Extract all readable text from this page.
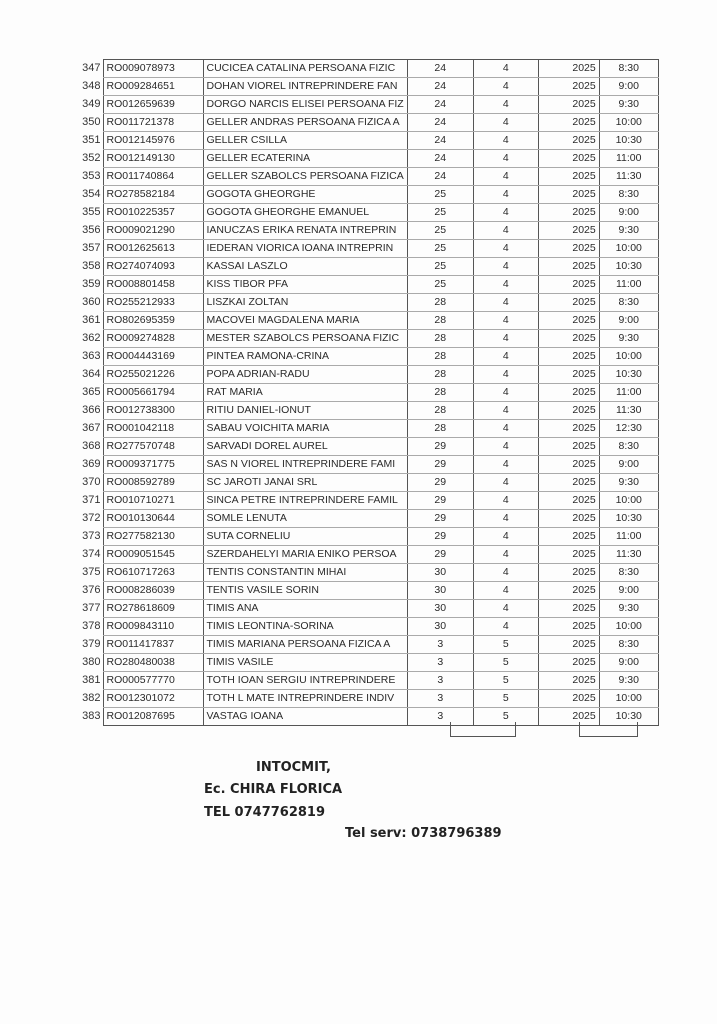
347	RO009078973	CUCICEA CATALINA PERSOANA FIZIC	24	4	2025	8:30
348	RO009284651	DOHAN VIOREL INTREPRINDERE FAN	24	4	2025	9:00
349	RO012659639	DORGO NARCIS ELISEI PERSOANA FIZ	24	4	2025	9:30
350	RO011721378	GELLER ANDRAS PERSOANA FIZICA A	24	4	2025	10:00
351	RO012145976	GELLER CSILLA	24	4	2025	10:30
352	RO012149130	GELLER ECATERINA	24	4	2025	11:00
353	RO011740864	GELLER SZABOLCS PERSOANA FIZICA	24	4	2025	11:30
354	RO278582184	GOGOTA GHEORGHE	25	4	2025	8:30
355	RO010225357	GOGOTA GHEORGHE EMANUEL	25	4	2025	9:00
356	RO009021290	IANUCZAS ERIKA RENATA INTREPRIN	25	4	2025	9:30
357	RO012625613	IEDERAN VIORICA IOANA INTREPRIN	25	4	2025	10:00
358	RO274074093	KASSAI LASZLO	25	4	2025	10:30
359	RO008801458	KISS TIBOR PFA	25	4	2025	11:00
360	RO255212933	LISZKAI ZOLTAN	28	4	2025	8:30
361	RO802695359	MACOVEI MAGDALENA MARIA	28	4	2025	9:00
362	RO009274828	MESTER SZABOLCS PERSOANA FIZIC	28	4	2025	9:30
363	RO004443169	PINTEA RAMONA-CRINA	28	4	2025	10:00
364	RO255021226	POPA ADRIAN-RADU	28	4	2025	10:30
365	RO005661794	RAT MARIA	28	4	2025	11:00
366	RO012738300	RITIU DANIEL-IONUT	28	4	2025	11:30
367	RO001042118	SABAU VOICHITA MARIA	28	4	2025	12:30
368	RO277570748	SARVADI DOREL AUREL	29	4	2025	8:30
369	RO009371775	SAS N VIOREL INTREPRINDERE FAMI	29	4	2025	9:00
370	RO008592789	SC JAROTI JANAI SRL	29	4	2025	9:30
371	RO010710271	SINCA PETRE INTREPRINDERE FAMIL	29	4	2025	10:00
372	RO010130644	SOMLE LENUTA	29	4	2025	10:30
373	RO277582130	SUTA CORNELIU	29	4	2025	11:00
374	RO009051545	SZERDAHELYI MARIA ENIKO PERSOA	29	4	2025	11:30
375	RO610717263	TENTIS CONSTANTIN MIHAI	30	4	2025	8:30
376	RO008286039	TENTIS VASILE SORIN	30	4	2025	9:00
377	RO278618609	TIMIS ANA	30	4	2025	9:30
378	RO009843110	TIMIS LEONTINA-SORINA	30	4	2025	10:00
379	RO011417837	TIMIS MARIANA PERSOANA FIZICA A	3	5	2025	8:30
380	RO280480038	TIMIS VASILE	3	5	2025	9:00
381	RO000577770	TOTH IOAN SERGIU INTREPRINDERE	3	5	2025	9:30
382	RO012301072	TOTH L MATE INTREPRINDERE INDIV	3	5	2025	10:00
383	RO012087695	VASTAG IOANA	3	5	2025	10:30
INTOCMIT,
Ec. CHIRA FLORICA
TEL 0747762819
Tel serv: 0738796389
